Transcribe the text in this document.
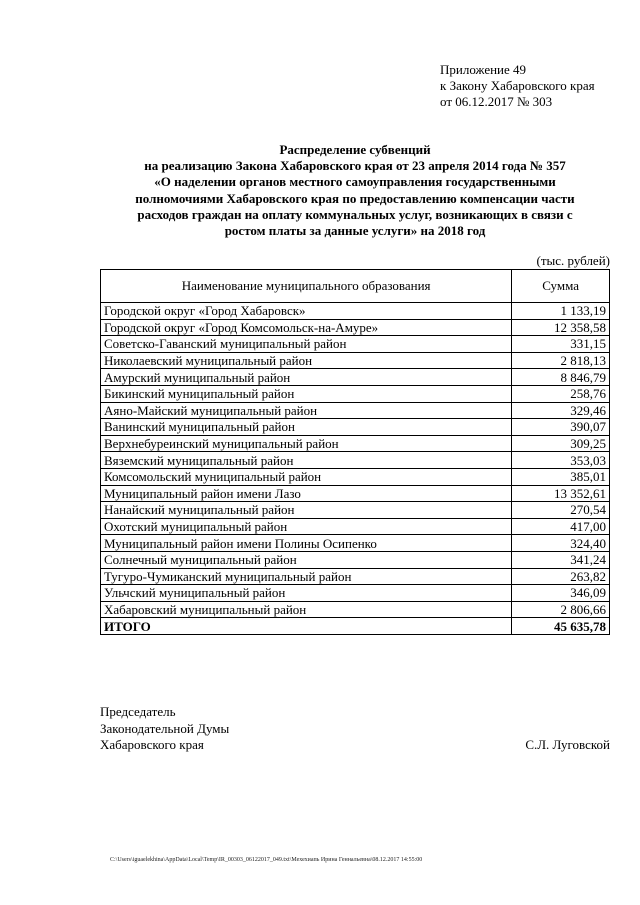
Приложение 49
к Закону Хабаровского края
от 06.12.2017 № 303
Распределение субвенций
на реализацию Закона Хабаровского края от 23 апреля 2014 года № 357
«О наделении органов местного самоуправления государственными
полномочиями Хабаровского края по предоставлению компенсации части
расходов граждан на оплату коммунальных услуг, возникающих в связи с
ростом платы за данные услуги» на 2018 год
(тыс. рублей)
Наименование муниципального образования	Сумма
Городской округ «Город Хабаровск»	1 133,19
Городской округ «Город Комсомольск-на-Амуре»	12 358,58
Советско-Гаванский муниципальный район	331,15
Николаевский муниципальный район	2 818,13
Амурский муниципальный район	8 846,79
Бикинский муниципальный район	258,76
Аяно-Майский муниципальный район	329,46
Ванинский муниципальный район	390,07
Верхнебуреинский муниципальный район	309,25
Вяземский муниципальный район	353,03
Комсомольский муниципальный район	385,01
Муниципальный район имени Лазо	13 352,61
Нанайский муниципальный район	270,54
Охотский муниципальный район	417,00
Муниципальный район имени Полины Осипенко	324,40
Солнечный муниципальный район	341,24
Тугуро-Чумиканский муниципальный район	263,82
Ульчский муниципальный район	346,09
Хабаровский муниципальный район	2 806,66
ИТОГО	45 635,78
Председатель
Законодательной Думы
Хабаровского края	С.Л. Луговской
C:\Users\iguaelekhina\AppData\Local\Temp\IR_00303_06122017_049.txt\Мехехиапь Ирина Геннальевна\08.12.2017 14:55:00
